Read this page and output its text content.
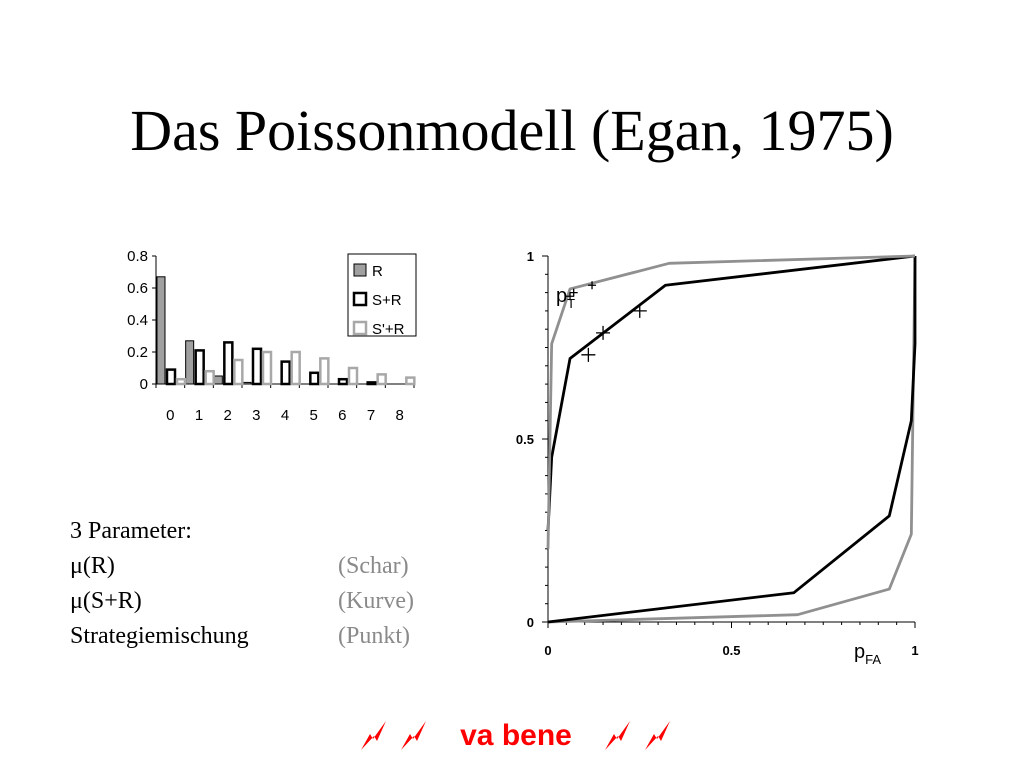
Das Poissonmodell (Egan, 1975)
0
0.2
0.4
0.6
0.8
0 1 2 3 4 5 6 7 8
R
S+R
S'+R
0
0.5
1
0	0.5	1
$p_T$
$p_{FA}$
3 Parameter:
μ(R)	(Schar)
μ(S+R)	(Kurve)
Strategiemischung	(Punkt)
va bene
